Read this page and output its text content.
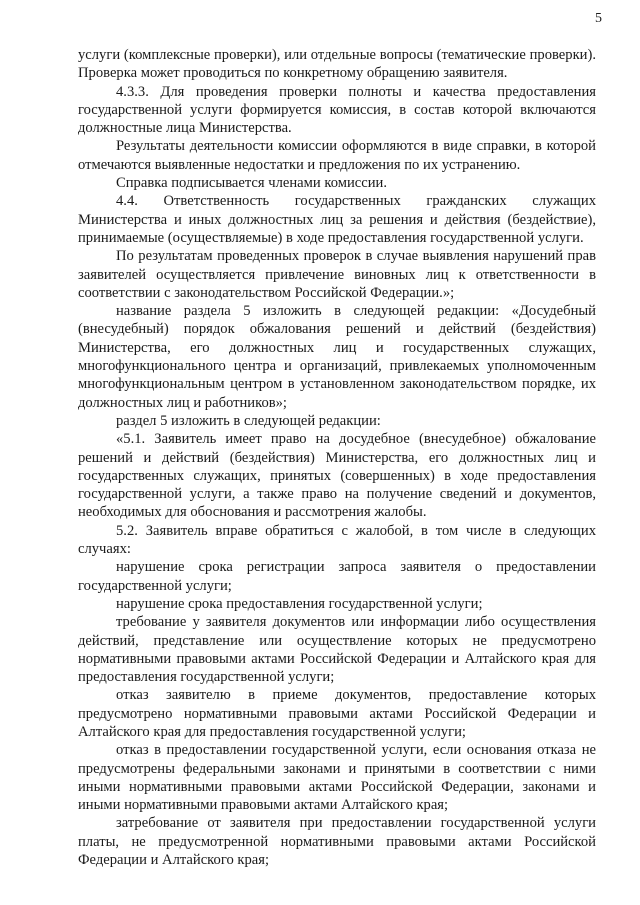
5

услуги (комплексные проверки), или отдельные вопросы (тематические проверки). Проверка может проводиться по конкретному обращению заявителя.

4.3.3. Для проведения проверки полноты и качества предоставления государственной услуги формируется комиссия, в состав которой включаются должностные лица Министерства.

Результаты деятельности комиссии оформляются в виде справки, в которой отмечаются выявленные недостатки и предложения по их устранению.

Справка подписывается членами комиссии.

4.4. Ответственность государственных гражданских служащих Министерства и иных должностных лиц за решения и действия (бездействие), принимаемые (осуществляемые) в ходе предоставления государственной услуги.

По результатам проведенных проверок в случае выявления нарушений прав заявителей осуществляется привлечение виновных лиц к ответственности в соответствии с законодательством Российской Федерации.»;

название раздела 5 изложить в следующей редакции: «Досудебный (внесудебный) порядок обжалования решений и действий (бездействия) Министерства, его должностных лиц и государственных служащих, многофункционального центра и организаций, привлекаемых уполномоченным многофункциональным центром в установленном законодательством порядке, их должностных лиц и работников»;

раздел 5 изложить в следующей редакции:

«5.1. Заявитель имеет право на досудебное (внесудебное) обжалование решений и действий (бездействия) Министерства, его должностных лиц и государственных служащих, принятых (совершенных) в ходе предоставления государственной услуги, а также право на получение сведений и документов, необходимых для обоснования и рассмотрения жалобы.

5.2. Заявитель вправе обратиться с жалобой, в том числе в следующих случаях:

нарушение срока регистрации запроса заявителя о предоставлении государственной услуги;

нарушение срока предоставления государственной услуги;

требование у заявителя документов или информации либо осуществления действий, представление или осуществление которых не предусмотрено нормативными правовыми актами Российской Федерации и Алтайского края для предоставления государственной услуги;

отказ заявителю в приеме документов, предоставление которых предусмотрено нормативными правовыми актами Российской Федерации и Алтайского края для предоставления государственной услуги;

отказ в предоставлении государственной услуги, если основания отказа не предусмотрены федеральными законами и принятыми в соответствии с ними иными нормативными правовыми актами Российской Федерации, законами и иными нормативными правовыми актами Алтайского края;

затребование от заявителя при предоставлении государственной услуги платы, не предусмотренной нормативными правовыми актами Российской Федерации и Алтайского края;
